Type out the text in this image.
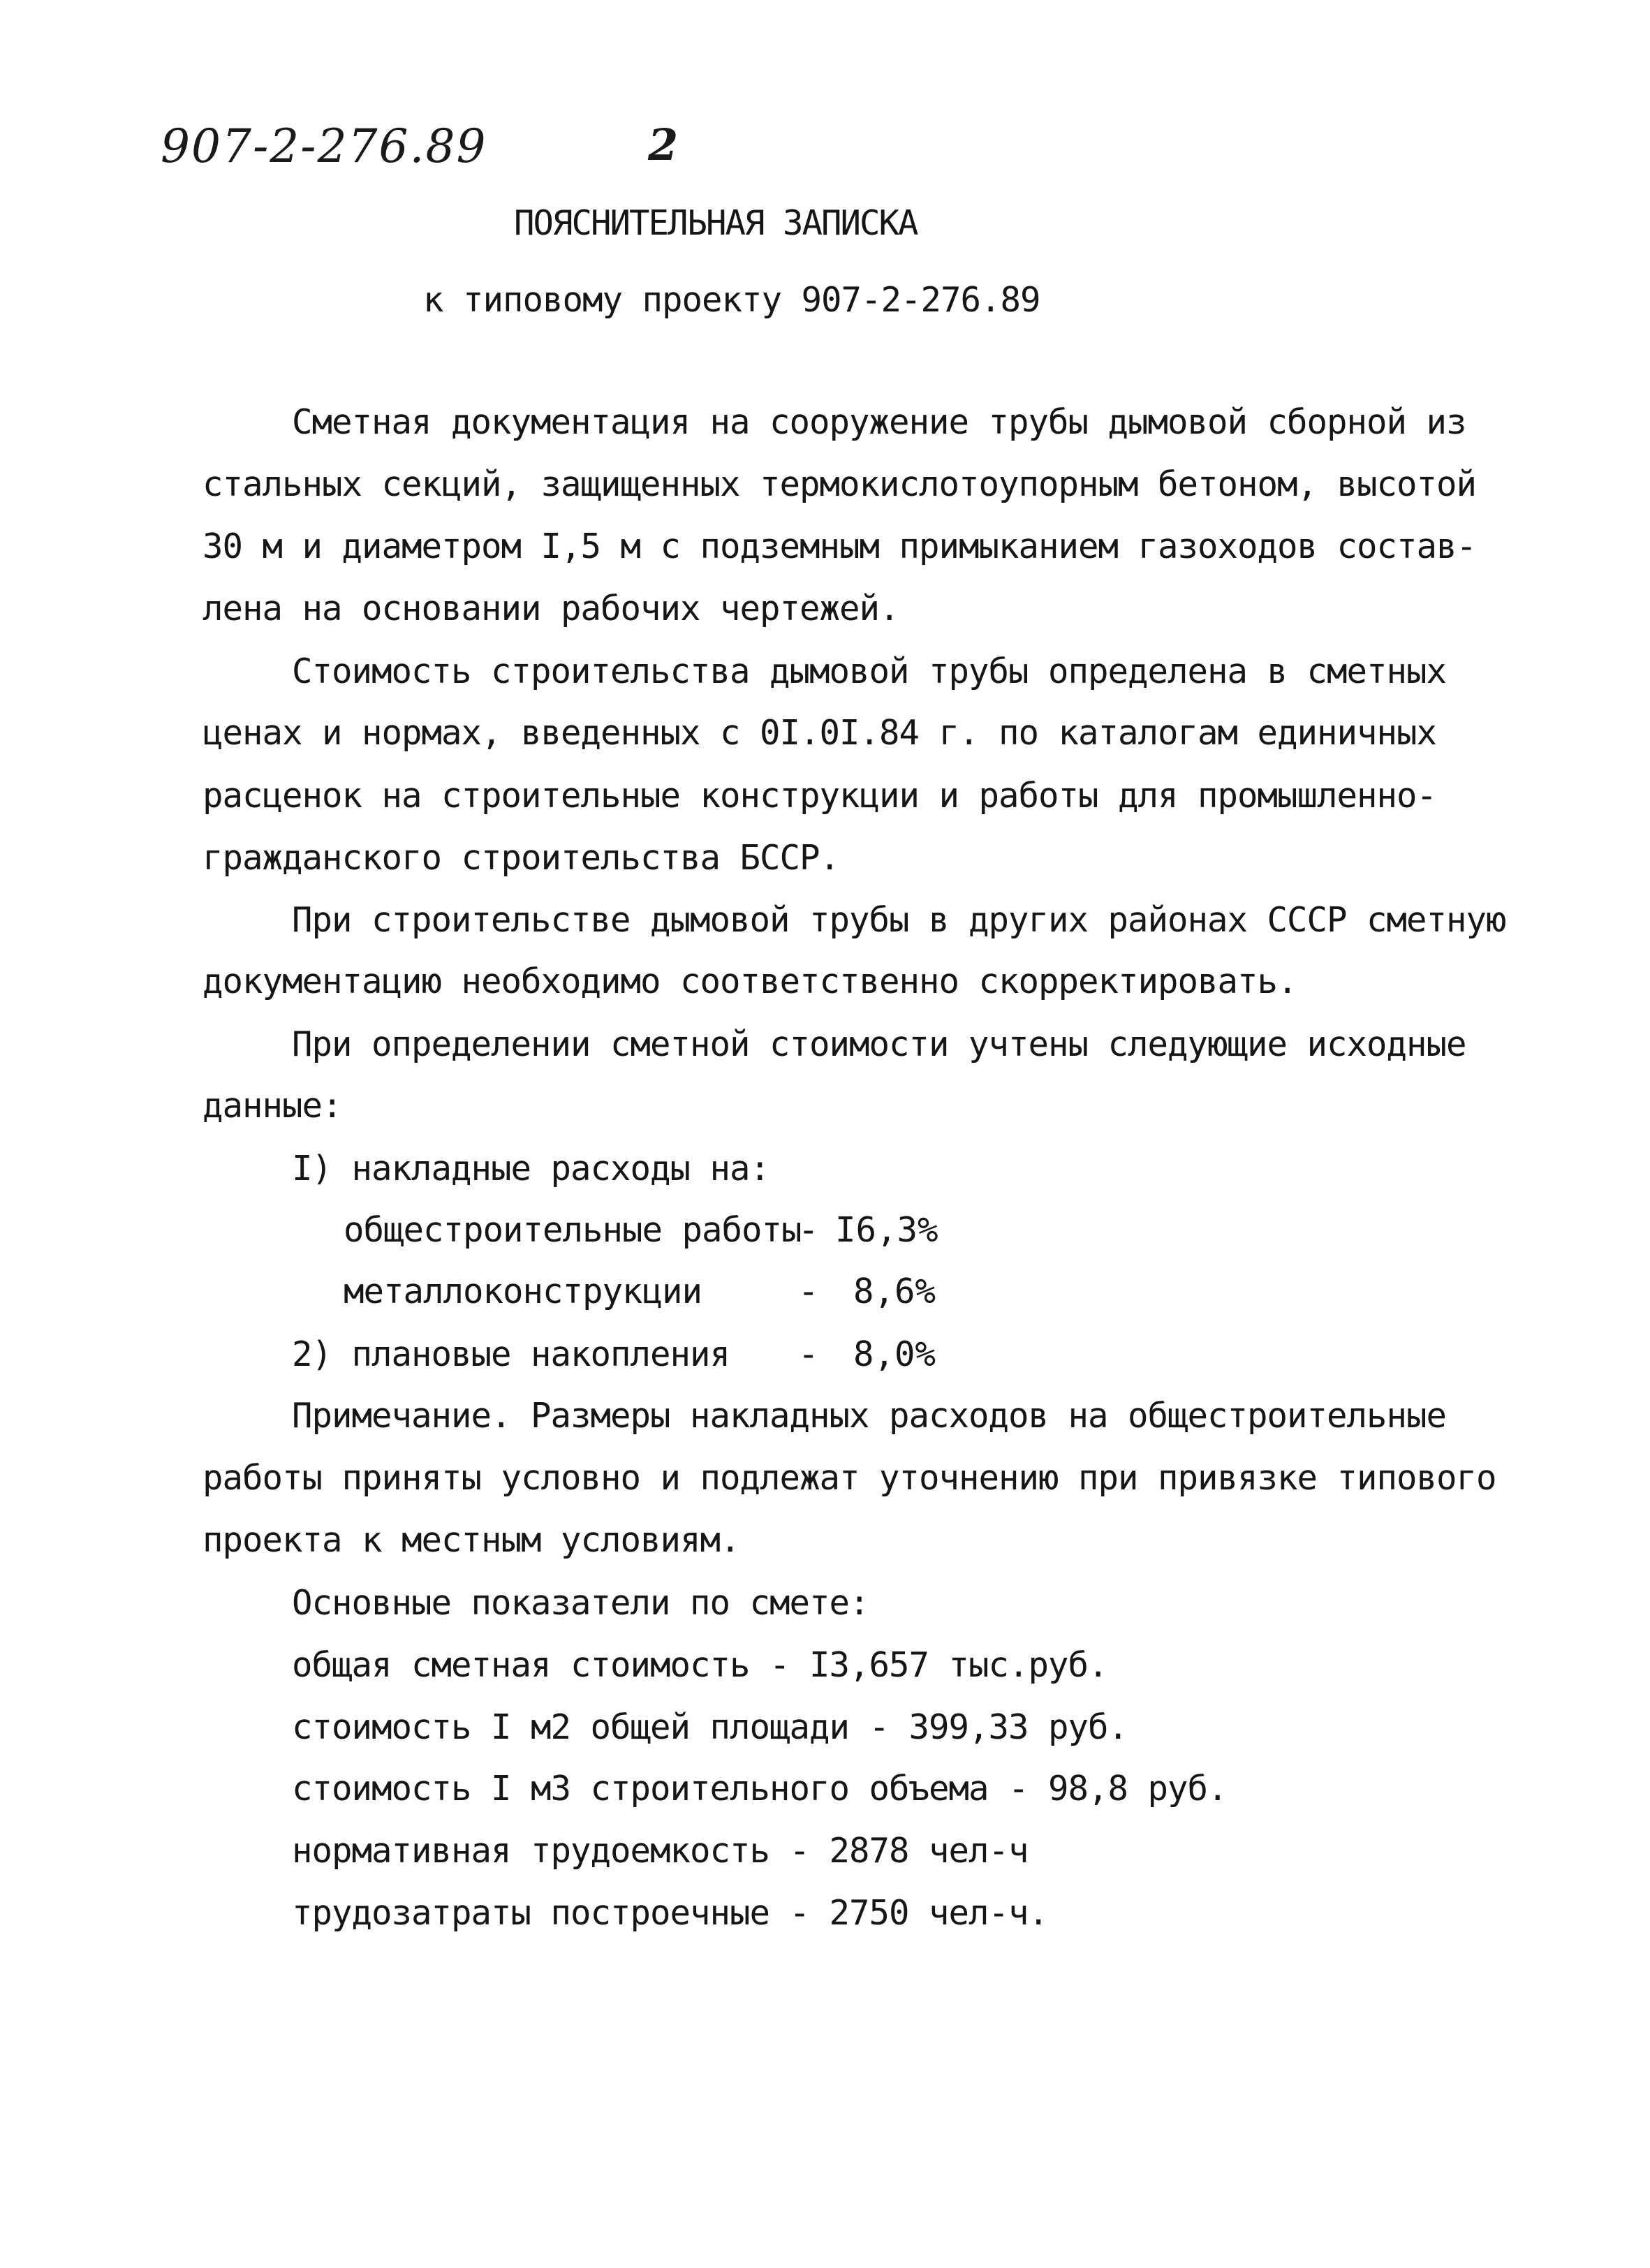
907-2-276.89	2
ПОЯСНИТЕЛЬНАЯ ЗАПИСКА
к типовому проекту 907-2-276.89
Сметная документация на сооружение трубы дымовой сборной из
стальных секций, защищенных термокислотоупорным бетоном, высотой
30 м и диаметром I,5 м с подземным примыканием газоходов состав-
лена на основании рабочих чертежей.
Стоимость строительства дымовой трубы определена в сметных
ценах и нормах, введенных с 0I.0I.84 г. по каталогам единичных
расценок на строительные конструкции и работы для промышленно-
гражданского строительства БССР.
При строительстве дымовой трубы в других районах СССР сметную
документацию необходимо соответственно скорректировать.
При определении сметной стоимости учтены следующие исходные
данные:
I) накладные расходы на:
общестроительные работы
- I6,3%
металлоконструкции	- 8,6%
2) плановые накопления - 8,0%
Примечание. Размеры накладных расходов на общестроительные
работы приняты условно и подлежат уточнению при привязке типового
проекта к местным условиям.
Основные показатели по смете:
общая сметная стоимость - I3,657 тыс.руб.
стоимость I м2 общей площади - 399,33 руб.
стоимость I м3 строительного объема - 98,8 руб.
нормативная трудоемкость - 2878 чел-ч
трудозатраты построечные - 2750 чел-ч.
